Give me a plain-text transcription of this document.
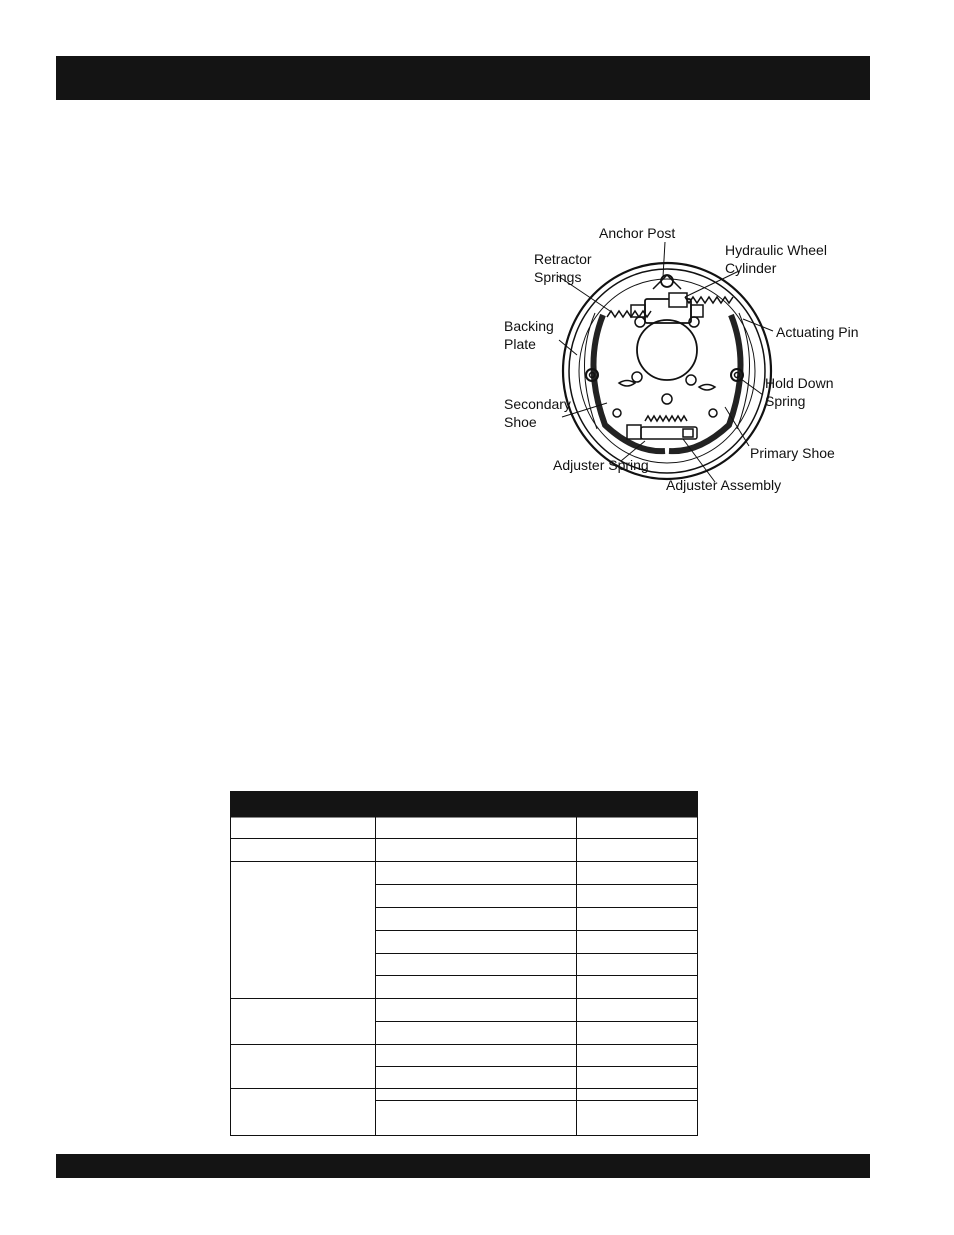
Anchor Post
Hydraulic Wheel
Cylinder
Retractor
Springs
Backing
Plate
Actuating Pin
Hold Down
Spring
Secondary
Shoe
Primary Shoe
Adjuster Spring
Adjuster Assembly
